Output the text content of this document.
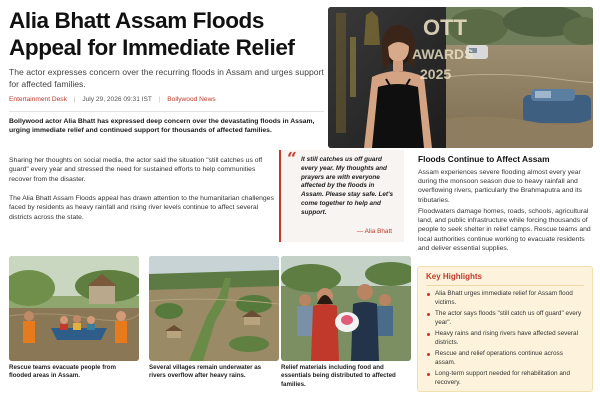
Alia Bhatt Assam Floods Appeal for Immediate Relief

The actor expresses concern over the recurring floods in Assam and urges support for affected families.

Entertainment Desk | July 29, 2026 09:31 IST | Bollywood News

Bollywood actor Alia Bhatt has expressed deep concern over the devastating floods in Assam, urging immediate relief and continued support for thousands of affected families.

Sharing her thoughts on social media, the actor said the situation "still catches us off guard" every year and stressed the need for sustained efforts to help communities recover from the disaster.

The Alia Bhatt Assam Floods appeal has drawn attention to the humanitarian challenges faced by residents as heavy rainfall and rising river levels continue to affect several districts across the state.

“ It still catches us off guard every year. My thoughts and prayers are with everyone affected by the floods in Assam. Please stay safe. Let's come together to help and support.

— Alia Bhatt
OTT
AWARDS
2025
Floods Continue to Affect Assam

Assam experiences severe flooding almost every year during the monsoon season due to heavy rainfall and overflowing rivers, particularly the Brahmaputra and its tributaries.

Floodwaters damage homes, roads, schools, agricultural land, and public infrastructure while forcing thousands of people to seek shelter in relief camps. Rescue teams and local authorities continue working to evacuate residents and deliver essential supplies.

Key Highlights
Alia Bhatt urges immediate relief for Assam flood victims.
The actor says floods "still catch us off guard" every year".
Heavy rains and rising rivers have affected several districts.
Rescue and relief operations continue across assam.
Long-term support needed for rehabilitation and recovery.

Rescue teams evacuate people from flooded areas in Assam.

Several villages remain underwater as rivers overflow after heavy rains.

Relief materials including food and essentials being distributed to affected families.
